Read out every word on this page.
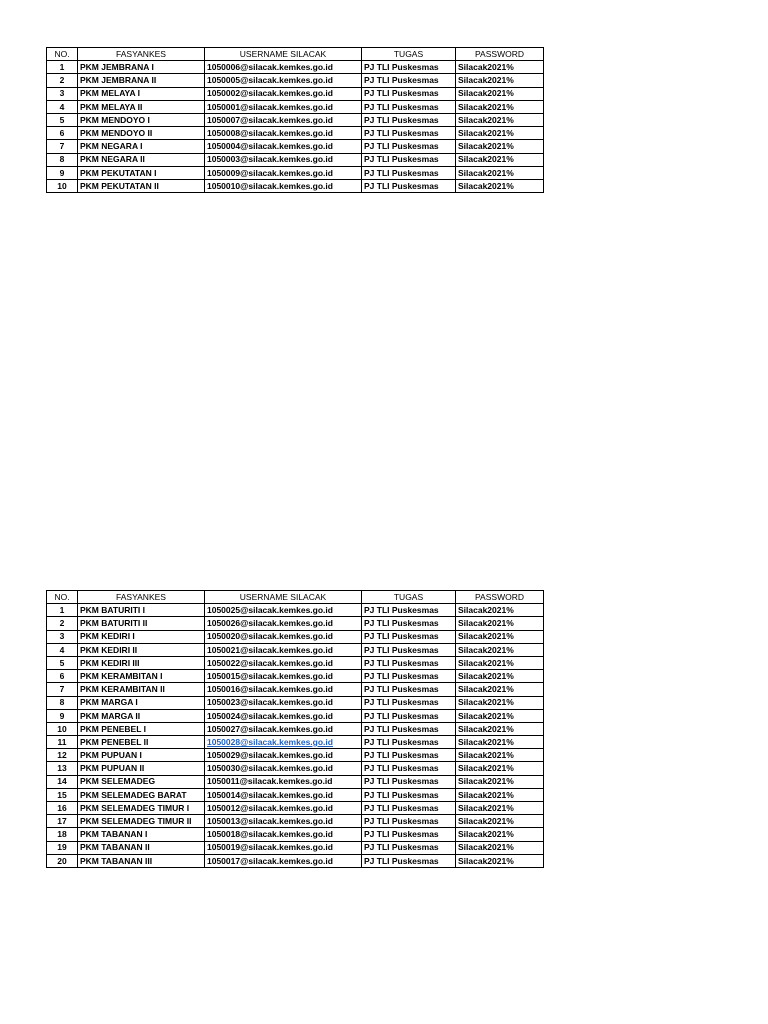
NO.	FASYANKES	USERNAME SILACAK	TUGAS	PASSWORD
1	PKM JEMBRANA I	1050006@silacak.kemkes.go.id	PJ TLI Puskesmas	Silacak2021%
2	PKM JEMBRANA II	1050005@silacak.kemkes.go.id	PJ TLI Puskesmas	Silacak2021%
3	PKM MELAYA I	1050002@silacak.kemkes.go.id	PJ TLI Puskesmas	Silacak2021%
4	PKM MELAYA II	1050001@silacak.kemkes.go.id	PJ TLI Puskesmas	Silacak2021%
5	PKM MENDOYO I	1050007@silacak.kemkes.go.id	PJ TLI Puskesmas	Silacak2021%
6	PKM MENDOYO II	1050008@silacak.kemkes.go.id	PJ TLI Puskesmas	Silacak2021%
7	PKM NEGARA I	1050004@silacak.kemkes.go.id	PJ TLI Puskesmas	Silacak2021%
8	PKM NEGARA II	1050003@silacak.kemkes.go.id	PJ TLI Puskesmas	Silacak2021%
9	PKM PEKUTATAN I	1050009@silacak.kemkes.go.id	PJ TLI Puskesmas	Silacak2021%
10	PKM PEKUTATAN II	1050010@silacak.kemkes.go.id	PJ TLI Puskesmas	Silacak2021%
NO.	FASYANKES	USERNAME SILACAK	TUGAS	PASSWORD
1	PKM BATURITI I	1050025@silacak.kemkes.go.id	PJ TLI Puskesmas	Silacak2021%
2	PKM BATURITI II	1050026@silacak.kemkes.go.id	PJ TLI Puskesmas	Silacak2021%
3	PKM KEDIRI I	1050020@silacak.kemkes.go.id	PJ TLI Puskesmas	Silacak2021%
4	PKM KEDIRI II	1050021@silacak.kemkes.go.id	PJ TLI Puskesmas	Silacak2021%
5	PKM KEDIRI III	1050022@silacak.kemkes.go.id	PJ TLI Puskesmas	Silacak2021%
6	PKM KERAMBITAN I	1050015@silacak.kemkes.go.id	PJ TLI Puskesmas	Silacak2021%
7	PKM KERAMBITAN II	1050016@silacak.kemkes.go.id	PJ TLI Puskesmas	Silacak2021%
8	PKM MARGA I	1050023@silacak.kemkes.go.id	PJ TLI Puskesmas	Silacak2021%
9	PKM MARGA II	1050024@silacak.kemkes.go.id	PJ TLI Puskesmas	Silacak2021%
10	PKM PENEBEL I	1050027@silacak.kemkes.go.id	PJ TLI Puskesmas	Silacak2021%
11	PKM PENEBEL II	1050028@silacak.kemkes.go.id	PJ TLI Puskesmas	Silacak2021%
12	PKM PUPUAN I	1050029@silacak.kemkes.go.id	PJ TLI Puskesmas	Silacak2021%
13	PKM PUPUAN II	1050030@silacak.kemkes.go.id	PJ TLI Puskesmas	Silacak2021%
14	PKM SELEMADEG	1050011@silacak.kemkes.go.id	PJ TLI Puskesmas	Silacak2021%
15	PKM SELEMADEG BARAT	1050014@silacak.kemkes.go.id	PJ TLI Puskesmas	Silacak2021%
16	PKM SELEMADEG TIMUR I	1050012@silacak.kemkes.go.id	PJ TLI Puskesmas	Silacak2021%
17	PKM SELEMADEG TIMUR II	1050013@silacak.kemkes.go.id	PJ TLI Puskesmas	Silacak2021%
18	PKM TABANAN I	1050018@silacak.kemkes.go.id	PJ TLI Puskesmas	Silacak2021%
19	PKM TABANAN II	1050019@silacak.kemkes.go.id	PJ TLI Puskesmas	Silacak2021%
20	PKM TABANAN III	1050017@silacak.kemkes.go.id	PJ TLI Puskesmas	Silacak2021%
